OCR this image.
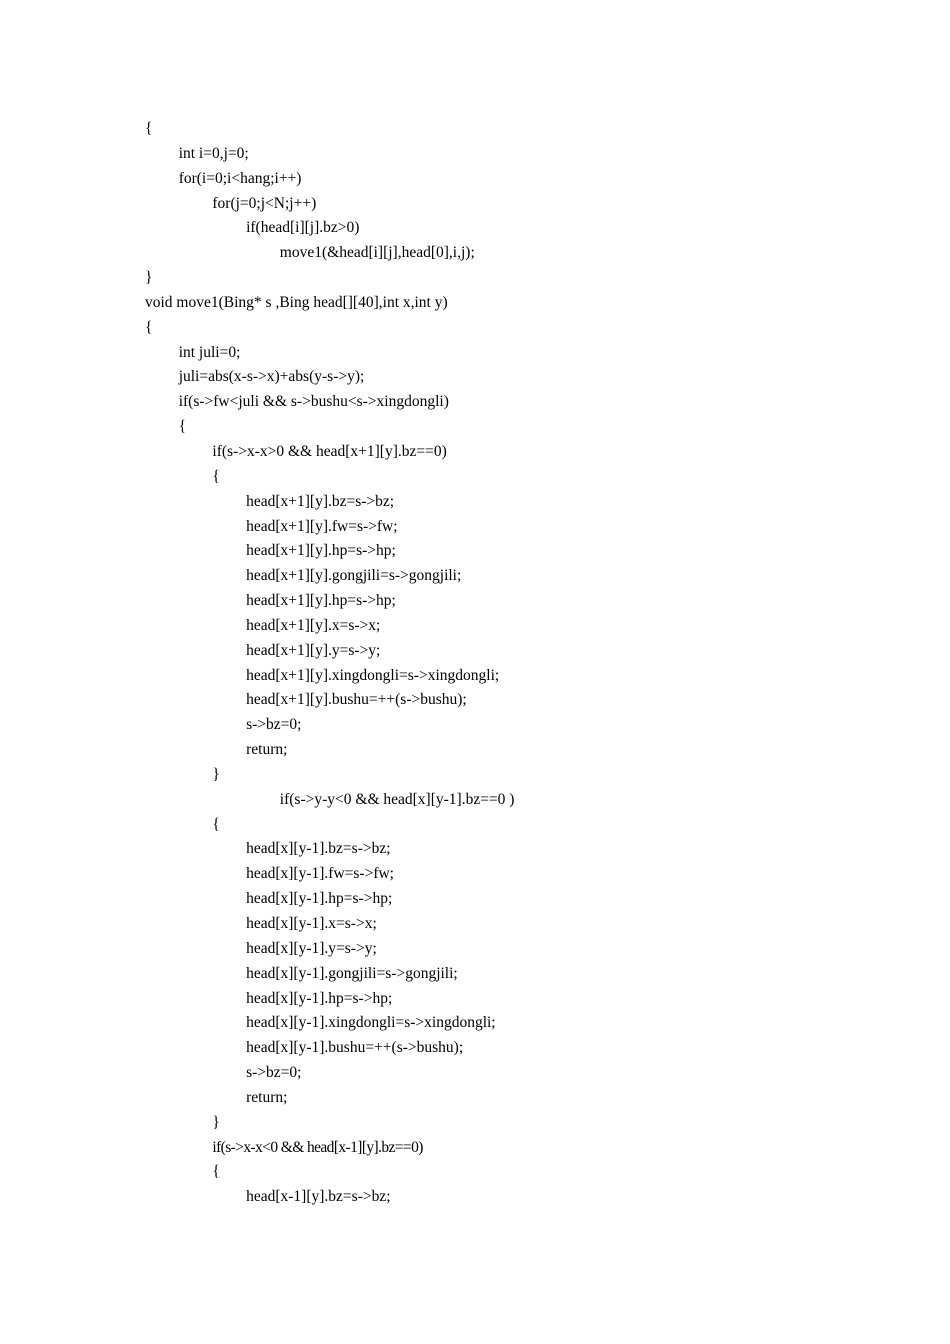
{
int i=0,j=0;
for(i=0;i<hang;i++)
for(j=0;j<N;j++)
if(head[i][j].bz>0)
move1(&head[i][j],head[0],i,j);
}
void move1(Bing* s ,Bing head[][40],int x,int y)
{
int juli=0;
juli=abs(x-s->x)+abs(y-s->y);
if(s->fw<juli && s->bushu<s->xingdongli)
{
if(s->x-x>0 && head[x+1][y].bz==0)
{
head[x+1][y].bz=s->bz;
head[x+1][y].fw=s->fw;
head[x+1][y].hp=s->hp;
head[x+1][y].gongjili=s->gongjili;
head[x+1][y].hp=s->hp;
head[x+1][y].x=s->x;
head[x+1][y].y=s->y;
head[x+1][y].xingdongli=s->xingdongli;
head[x+1][y].bushu=++(s->bushu);
s->bz=0;
return;
}
if(s->y-y<0 && head[x][y-1].bz==0 )
{
head[x][y-1].bz=s->bz;
head[x][y-1].fw=s->fw;
head[x][y-1].hp=s->hp;
head[x][y-1].x=s->x;
head[x][y-1].y=s->y;
head[x][y-1].gongjili=s->gongjili;
head[x][y-1].hp=s->hp;
head[x][y-1].xingdongli=s->xingdongli;
head[x][y-1].bushu=++(s->bushu);
s->bz=0;
return;
}
if(s->x-x<0 && head[x-1][y].bz==0)
{
head[x-1][y].bz=s->bz;
